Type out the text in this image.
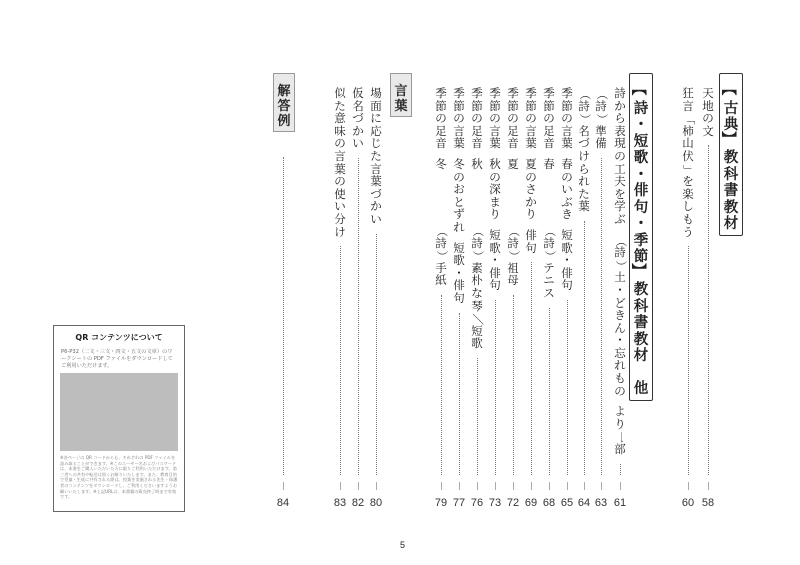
【
古
典
】
教
科
書
教
材
【
詩
・
短
歌
・
俳
句
・
季
節
】
教
科
書
教
材
他
言
葉
解
答
例
天
地
の
文
58
狂
言
「
柿
山
伏
」
を
楽
し
も
う
60
詩
か
ら
表
現
の
工
夫
を
学
ぶ
（
詩
）
土
・
ど
き
ん
・
忘
れ
も
の

よ
り
一
部
61
（
詩
）
準
備
63
（
詩
）
名
づ
け
ら
れ
た
葉
64
季
節
の
言
葉

春
の
い
ぶ
き
短
歌
・
俳
句
65
季
節
の
足
音

春
（
詩
）
テ
ニ
ス
68
季
節
の
言
葉

夏
の
さ
か
り
俳
句
69
季
節
の
足
音

夏
（
詩
）
祖
母
72
季
節
の
言
葉

秋
の
深
ま
り
短
歌
・
俳
句
73
季
節
の
足
音

秋
（
詩
）
素
朴
な
琴
／
短
歌
76
季
節
の
言
葉

冬
の
お
と
ず
れ
短
歌
・
俳
句
77
季
節
の
足
音

冬
（
詩
）
手
紙
79
場
面
に
応
じ
た
言
葉
づ
か
い
80
仮
名
づ
か
い
82
似
た
意
味
の
言
葉
の
使
い
分
け
83
84
QR コンテンツについて
P6-P32（二文・三文・四文・五文の文章）のワークシートの PDF ファイルをダウンロードしてご利用いただけます。
※各ページの QR コードからも、それぞれの PDF ファイルを読み取ることができます。※このユーザー名およびパスワードは、本書をご購入いただいた方に限りご利用いただけます。第三者への共有や転送は固くお断りいたします。また、教育目的で児童・生徒に共有される際は、授業を実施される先生・保護者のコンテンツをダウンロードし、ご利用くださいますようお願いいたします。※上記URLは、本書籍の販売終了時まで有効です。
5
